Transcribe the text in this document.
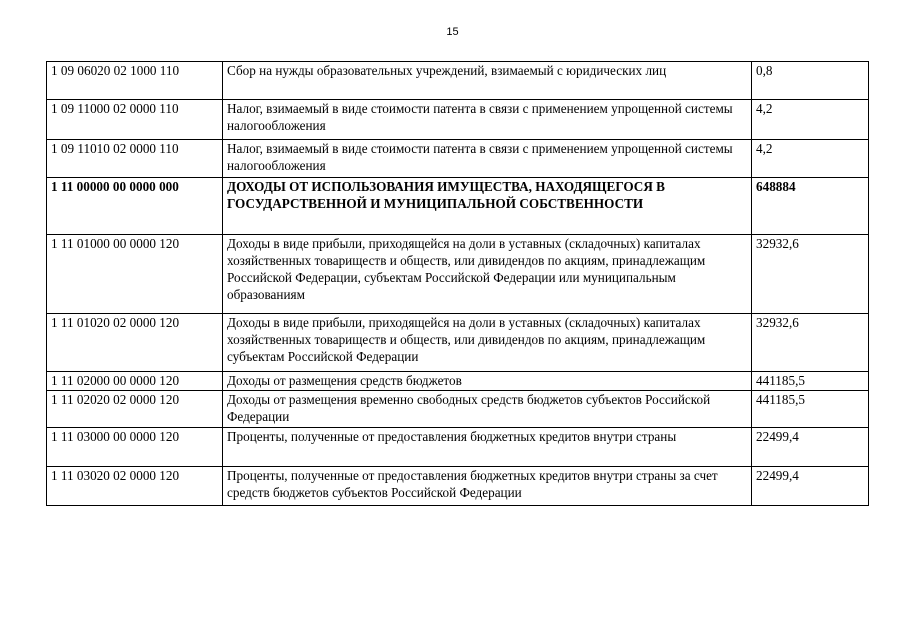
15
1 09 06020 02 1000 110	Сбор на нужды образовательных учреждений, взимаемый с юридических лиц	0,8
1 09 11000 02 0000 110	Налог, взимаемый в виде стоимости патента в связи с применением упрощенной системы налогообложения	4,2
1 09 11010 02 0000 110	Налог, взимаемый в виде стоимости патента в связи с применением упрощенной системы налогообложения	4,2
1 11 00000 00 0000 000	ДОХОДЫ ОТ ИСПОЛЬЗОВАНИЯ ИМУЩЕСТВА, НАХОДЯЩЕГОСЯ В ГОСУДАРСТВЕННОЙ И МУНИЦИПАЛЬНОЙ СОБСТВЕННОСТИ	648884
1 11 01000 00 0000 120	Доходы в виде прибыли, приходящейся на доли в уставных (складочных) капиталах хозяйственных товариществ и обществ, или дивидендов по акциям, принадлежащим Российской Федерации, субъектам Российской Федерации или муниципальным образованиям	32932,6
1 11 01020 02 0000 120	Доходы в виде прибыли, приходящейся на доли в уставных (складочных) капиталах хозяйственных товариществ и обществ, или дивидендов по акциям, принадлежащим субъектам Российской Федерации	32932,6
1 11 02000 00 0000 120	Доходы от размещения средств бюджетов	441185,5
1 11 02020 02 0000 120	Доходы от размещения временно свободных средств бюджетов субъектов Российской Федерации	441185,5
1 11 03000 00 0000 120	Проценты, полученные от предоставления бюджетных кредитов внутри страны	22499,4
1 11 03020 02 0000 120	Проценты, полученные от предоставления бюджетных кредитов внутри страны за счет средств бюджетов субъектов Российской Федерации	22499,4
